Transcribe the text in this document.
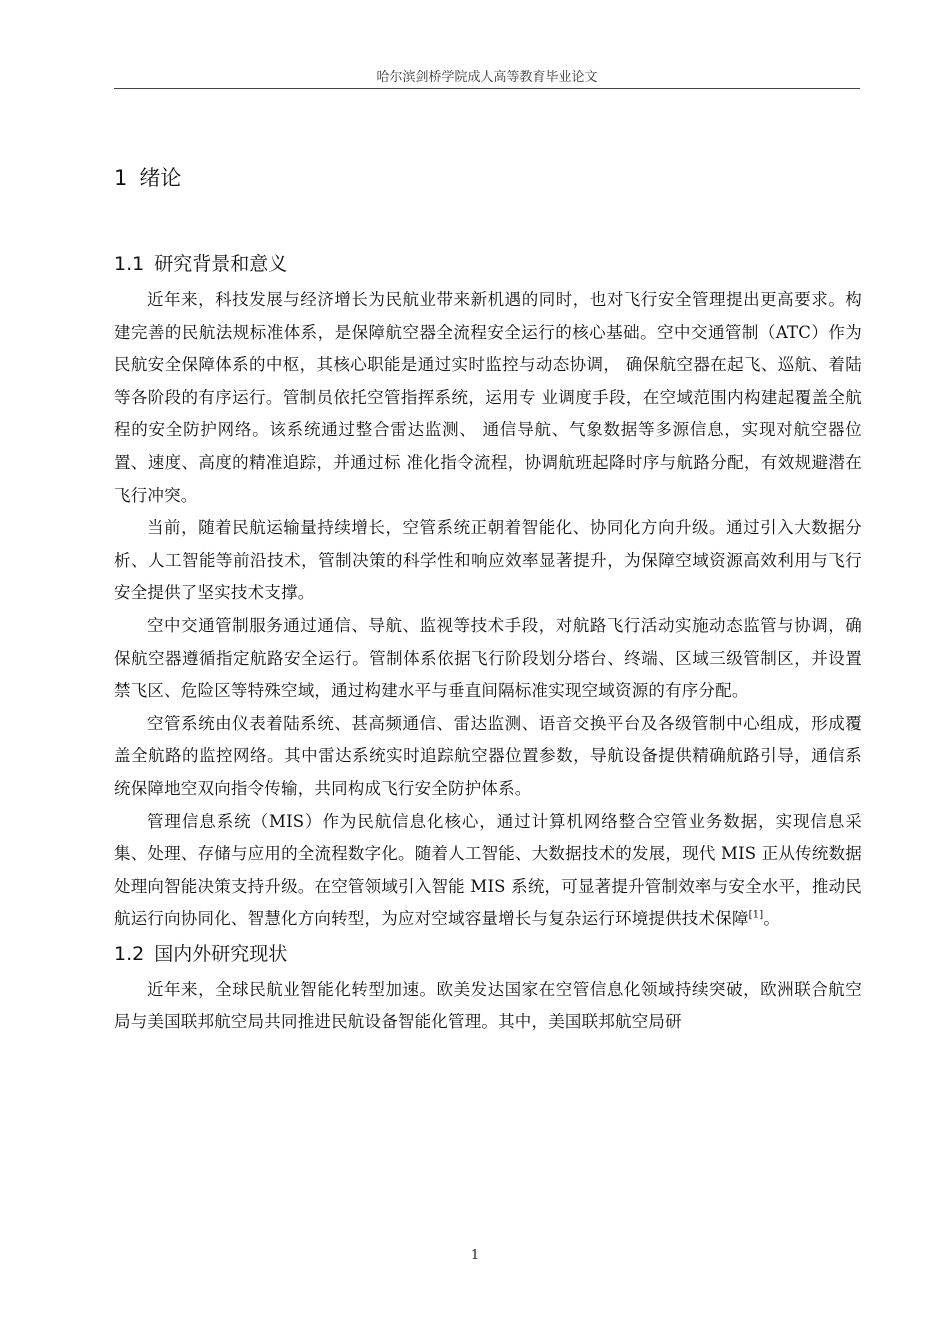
哈尔滨剑桥学院成人高等教育毕业论文
1 绪论
1.1 研究背景和意义

近年来，科技发展与经济增长为民航业带来新机遇的同时，也对飞行安全管理提出更高要求。构建完善的民航法规标准体系，是保障航空器全流程安全运行的核心基础。空中交通管制（ATC）作为民航安全保障体系的中枢，其核心职能是通过实时监控与动态协调， 确保航空器在起飞、巡航、着陆等各阶段的有序运行。管制员依托空管指挥系统，运用专 业调度手段，在空域范围内构建起覆盖全航程的安全防护网络。该系统通过整合雷达监测、 通信导航、气象数据等多源信息，实现对航空器位置、速度、高度的精准追踪，并通过标 准化指令流程，协调航班起降时序与航路分配，有效规避潜在飞行冲突。

当前，随着民航运输量持续增长，空管系统正朝着智能化、协同化方向升级。通过引入大数据分析、人工智能等前沿技术，管制决策的科学性和响应效率显著提升，为保障空域资源高效利用与飞行安全提供了坚实技术支撑。

空中交通管制服务通过通信、导航、监视等技术手段，对航路飞行活动实施动态监管与协调，确保航空器遵循指定航路安全运行。管制体系依据飞行阶段划分塔台、终端、区域三级管制区，并设置禁飞区、危险区等特殊空域，通过构建水平与垂直间隔标准实现空域资源的有序分配。

空管系统由仪表着陆系统、甚高频通信、雷达监测、语音交换平台及各级管制中心组成，形成覆盖全航路的监控网络。其中雷达系统实时追踪航空器位置参数，导航设备提供精确航路引导，通信系统保障地空双向指令传输，共同构成飞行安全防护体系。

管理信息系统（MIS）作为民航信息化核心，通过计算机网络整合空管业务数据，实现信息采集、处理、存储与应用的全流程数字化。随着人工智能、大数据技术的发展，现代 MIS 正从传统数据处理向智能决策支持升级。在空管领域引入智能 MIS 系统，可显著提升管制效率与安全水平，推动民航运行向协同化、智慧化方向转型，为应对空域容量增长与复杂运行环境提供技术保障[1]。

1.2 国内外研究现状

近年来，全球民航业智能化转型加速。欧美发达国家在空管信息化领域持续突破，欧洲联合航空局与美国联邦航空局共同推进民航设备智能化管理。其中，美国联邦航空局研

1
